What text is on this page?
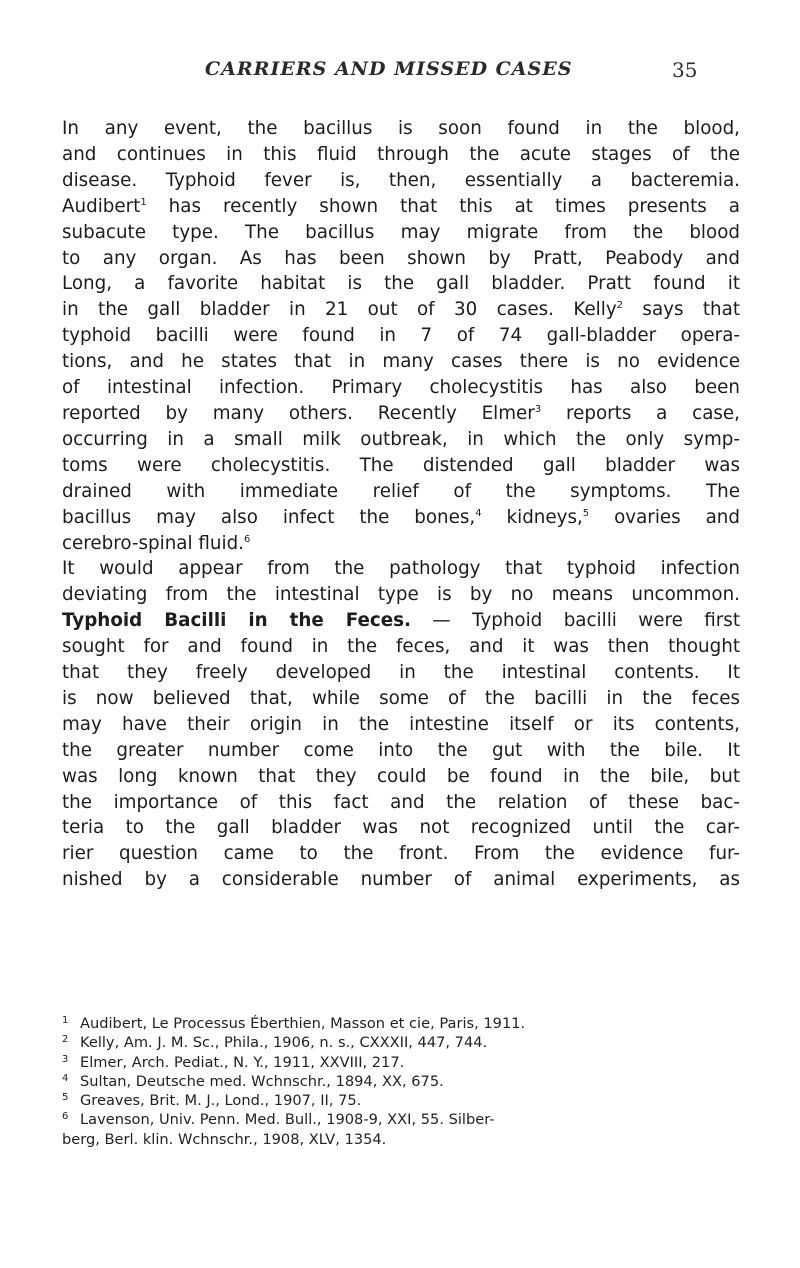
CARRIERS AND MISSED CASES	35

In any event, the bacillus is soon found in the blood,
and continues in this fluid through the acute stages of the
disease. Typhoid fever is, then, essentially a bacteremia.
Audibert$^1$ has recently shown that this at times presents a
subacute type. The bacillus may migrate from the blood
to any organ. As has been shown by Pratt, Peabody and
Long, a favorite habitat is the gall bladder. Pratt found it
in the gall bladder in 21 out of 30 cases. Kelly$^2$ says that
typhoid bacilli were found in 7 of 74 gall-bladder opera-
tions, and he states that in many cases there is no evidence
of intestinal infection. Primary cholecystitis has also been
reported by many others. Recently Elmer$^3$ reports a case,
occurring in a small milk outbreak, in which the only symp-
toms were cholecystitis. The distended gall bladder was
drained with immediate relief of the symptoms. The
bacillus may also infect the bones,$^4$ kidneys,$^5$ ovaries and
cerebro-spinal fluid.$^6$

It would appear from the pathology that typhoid infection
deviating from the intestinal type is by no means uncommon.

Typhoid Bacilli in the Feces. — Typhoid bacilli were first
sought for and found in the feces, and it was then thought
that they freely developed in the intestinal contents. It
is now believed that, while some of the bacilli in the feces
may have their origin in the intestine itself or its contents,
the greater number come into the gut with the bile. It
was long known that they could be found in the bile, but
the importance of this fact and the relation of these bac-
teria to the gall bladder was not recognized until the car-
rier question came to the front. From the evidence fur-
nished by a considerable number of animal experiments, as

1 Audibert, Le Processus Éberthien, Masson et cie, Paris, 1911.
2 Kelly, Am. J. M. Sc., Phila., 1906, n. s., CXXXII, 447, 744.
3 Elmer, Arch. Pediat., N. Y., 1911, XXVIII, 217.
4 Sultan, Deutsche med. Wchnschr., 1894, XX, 675.
5 Greaves, Brit. M. J., Lond., 1907, II, 75.
6 Lavenson, Univ. Penn. Med. Bull., 1908-9, XXI, 55. Silber-
berg, Berl. klin. Wchnschr., 1908, XLV, 1354.
